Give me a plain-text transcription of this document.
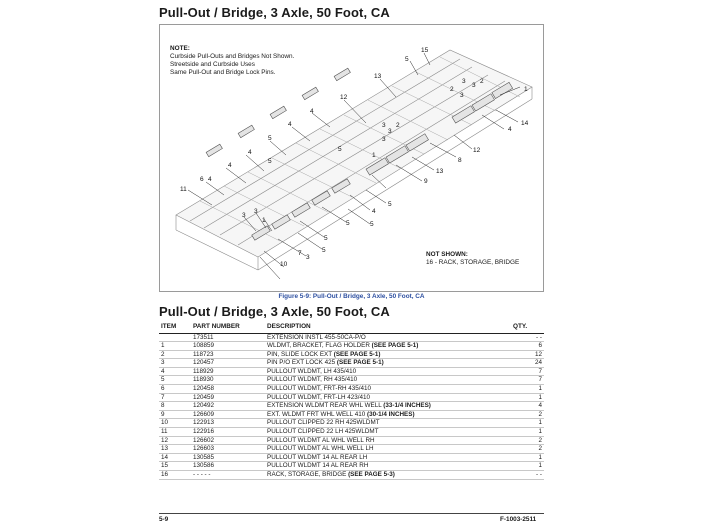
Pull-Out / Bridge, 3 Axle, 50 Foot, CA
15
5
13
3 2
3
1
2
3
12
4
14
4
3 2
3
12
4
5	3
1
5
8
5
4
13
4
9
4
6
11
5
5
5
4
3
3
1
5
5
3
7
10
NOTE:
Curbside Pull-Outs and Bridges Not Shown.
Streetside and Curbside Uses
Same Pull-Out and Bridge Lock Pins.
NOT SHOWN:
16 - RACK, STORAGE, BRIDGE
Figure 5-9: Pull-Out / Bridge, 3 Axle, 50 Foot, CA
Pull-Out / Bridge, 3 Axle, 50 Foot, CA
ITEM	PART NUMBER	DESCRIPTION	QTY.
	173511	EXTENSION INSTL 455-50CA-P/O	- -
1	108859	WLDMT, BRACKET, FLAG HOLDER (SEE PAGE 5-1)	6
2	118723	PIN, SLIDE LOCK EXT (SEE PAGE 5-1)	12
3	120457	PIN P/O EXT LOCK 425 (SEE PAGE 5-1)	24
4	118929	PULLOUT WLDMT, LH 435/410	7
5	118930	PULLOUT WLDMT, RH 435/410	7
6	120458	PULLOUT WLDMT, FRT-RH 435/410	1
7	120459	PULLOUT WLDMT, FRT-LH 423/410	1
8	120492	EXTENSION WLDMT REAR WHL WELL (33-1/4 INCHES)	4
9	126609	EXT. WLDMT FRT WHL WELL 410 (30-1/4 INCHES)	2
10	122913	PULLOUT CLIPPED 22 RH 425WLDMT	1
11	122916	PULLOUT CLIPPED 22 LH 425WLDMT	1
12	126602	PULLOUT WLDMT AL WHL WELL RH	2
13	126603	PULLOUT WLDMT AL WHL WELL LH	2
14	130585	PULLOUT WLDMT 14 AL REAR LH	1
15	130586	PULLOUT WLDMT 14 AL REAR RH	1
16	- - - - -	RACK, STORAGE, BRIDGE (SEE PAGE 5-3)	- -
5-9	F-1003-2511
